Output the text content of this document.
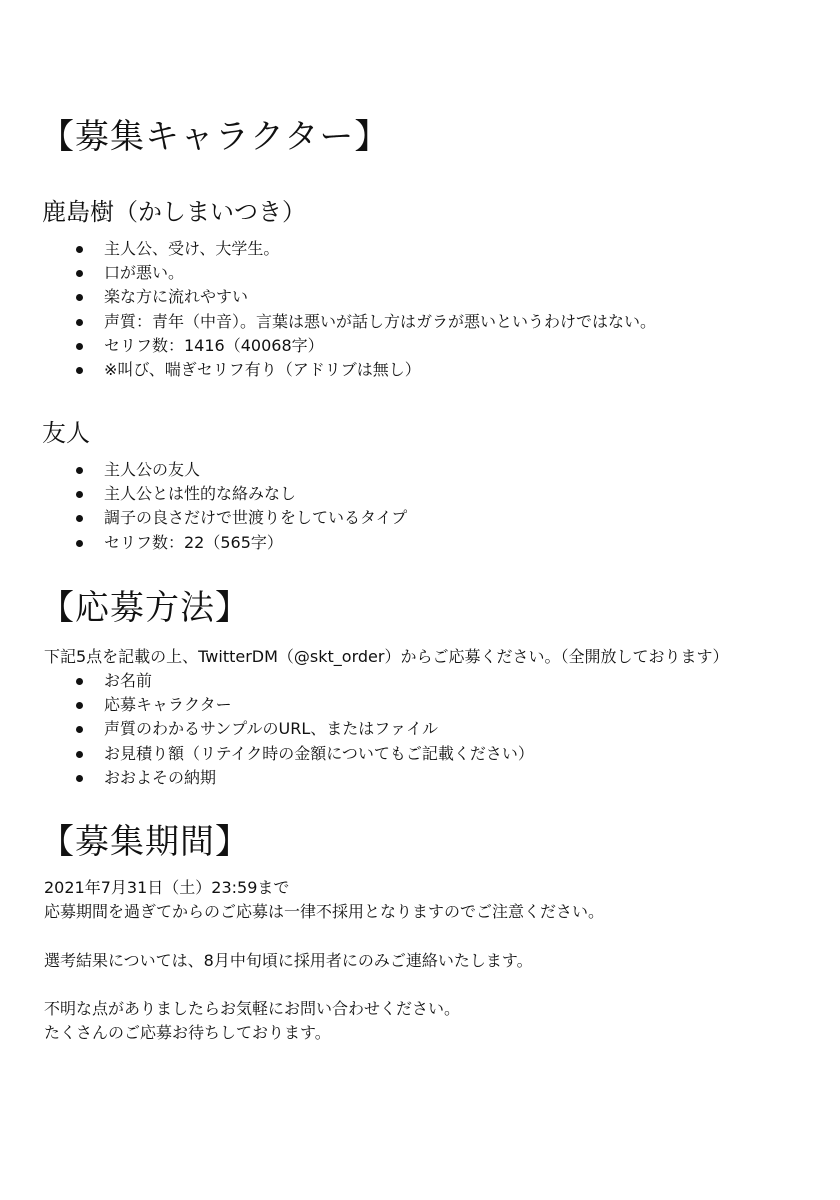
【募集キャラクター】
鹿島樹（かしまいつき）
主人公、受け、大学生。
口が悪い。
楽な方に流れやすい
声質：青年（中音）。言葉は悪いが話し方はガラが悪いというわけではない。
セリフ数：1416（40068字）
※叫び、喘ぎセリフ有り（アドリブは無し）
友人
主人公の友人
主人公とは性的な絡みなし
調子の良さだけで世渡りをしているタイプ
セリフ数：22（565字）
【応募方法】

下記5点を記載の上、TwitterDM（@skt_order）からご応募ください。（全開放しております）

お名前
応募キャラクター
声質のわかるサンプルのURL、またはファイル
お見積り額（リテイク時の金額についてもご記載ください）
おおよその納期
【募集期間】

2021年7月31日（土）23:59まで

応募期間を過ぎてからのご応募は一律不採用となりますのでご注意ください。

選考結果については、8月中旬頃に採用者にのみご連絡いたします。

不明な点がありましたらお気軽にお問い合わせください。

たくさんのご応募お待ちしております。
